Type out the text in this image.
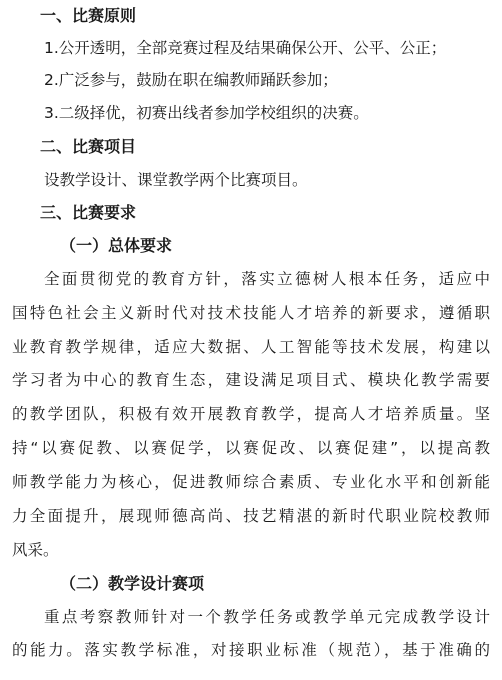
一、比赛原则
1.公开透明，全部竞赛过程及结果确保公开、公平、公正；
2.广泛参与，鼓励在职在编教师踊跃参加；
3.二级择优，初赛出线者参加学校组织的决赛。
二、比赛项目
设教学设计、课堂教学两个比赛项目。
三、比赛要求
（一）总体要求
全面贯彻党的教育方针，落实立德树人根本任务，适应中
国特色社会主义新时代对技术技能人才培养的新要求，遵循职
业教育教学规律，适应大数据、人工智能等技术发展，构建以
学习者为中心的教育生态，建设满足项目式、模块化教学需要
的教学团队，积极有效开展教育教学，提高人才培养质量。坚
持“以赛促教、以赛促学，以赛促改、以赛促建”，以提高教
师教学能力为核心，促进教师综合素质、专业化水平和创新能
力全面提升，展现师德高尚、技艺精湛的新时代职业院校教师
风采。
（二）教学设计赛项
重点考察教师针对一个教学任务或教学单元完成教学设计
的能力。落实教学标准，对接职业标准（规范），基于准确的
